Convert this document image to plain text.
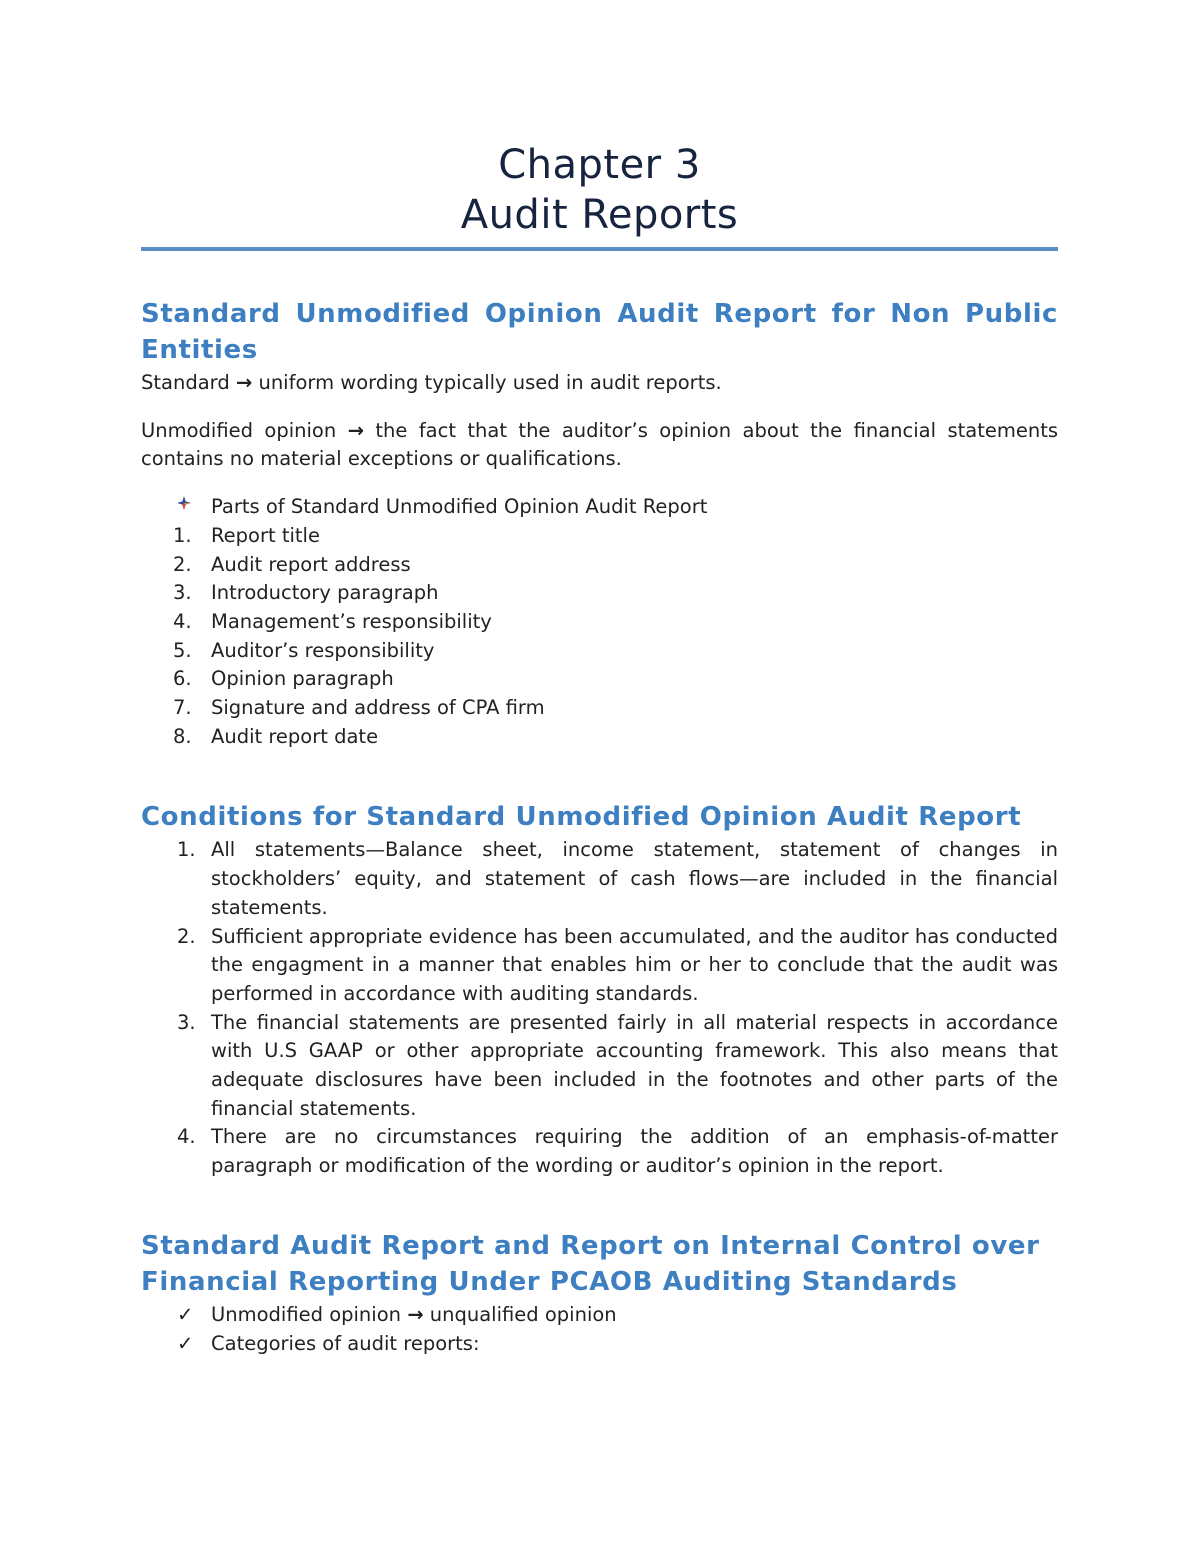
Chapter 3
Audit Reports
Standard Unmodified Opinion Audit Report for Non Public Entities

Standard → uniform wording typically used in audit reports.

Unmodified opinion → the fact that the auditor’s opinion about the financial statements contains no material exceptions or qualifications.

Parts of Standard Unmodified Opinion Audit Report
1. Report title
2. Audit report address
3. Introductory paragraph
4. Management’s responsibility
5. Auditor’s responsibility
6. Opinion paragraph
7. Signature and address of CPA firm
8. Audit report date
Conditions for Standard Unmodified Opinion Audit Report
1. All statements—Balance sheet, income statement, statement of changes in stockholders’ equity, and statement of cash flows—are included in the financial statements.
2. Sufficient appropriate evidence has been accumulated, and the auditor has conducted the engagment in a manner that enables him or her to conclude that the audit was performed in accordance with auditing standards.
3. The financial statements are presented fairly in all material respects in accordance with U.S GAAP or other appropriate accounting framework. This also means that adequate disclosures have been included in the footnotes and other parts of the financial statements.
4. There are no circumstances requiring the addition of an emphasis-of-matter paragraph or modification of the wording or auditor’s opinion in the report.
Standard Audit Report and Report on Internal Control over Financial Reporting Under PCAOB Auditing Standards
✓ Unmodified opinion → unqualified opinion
✓ Categories of audit reports:
